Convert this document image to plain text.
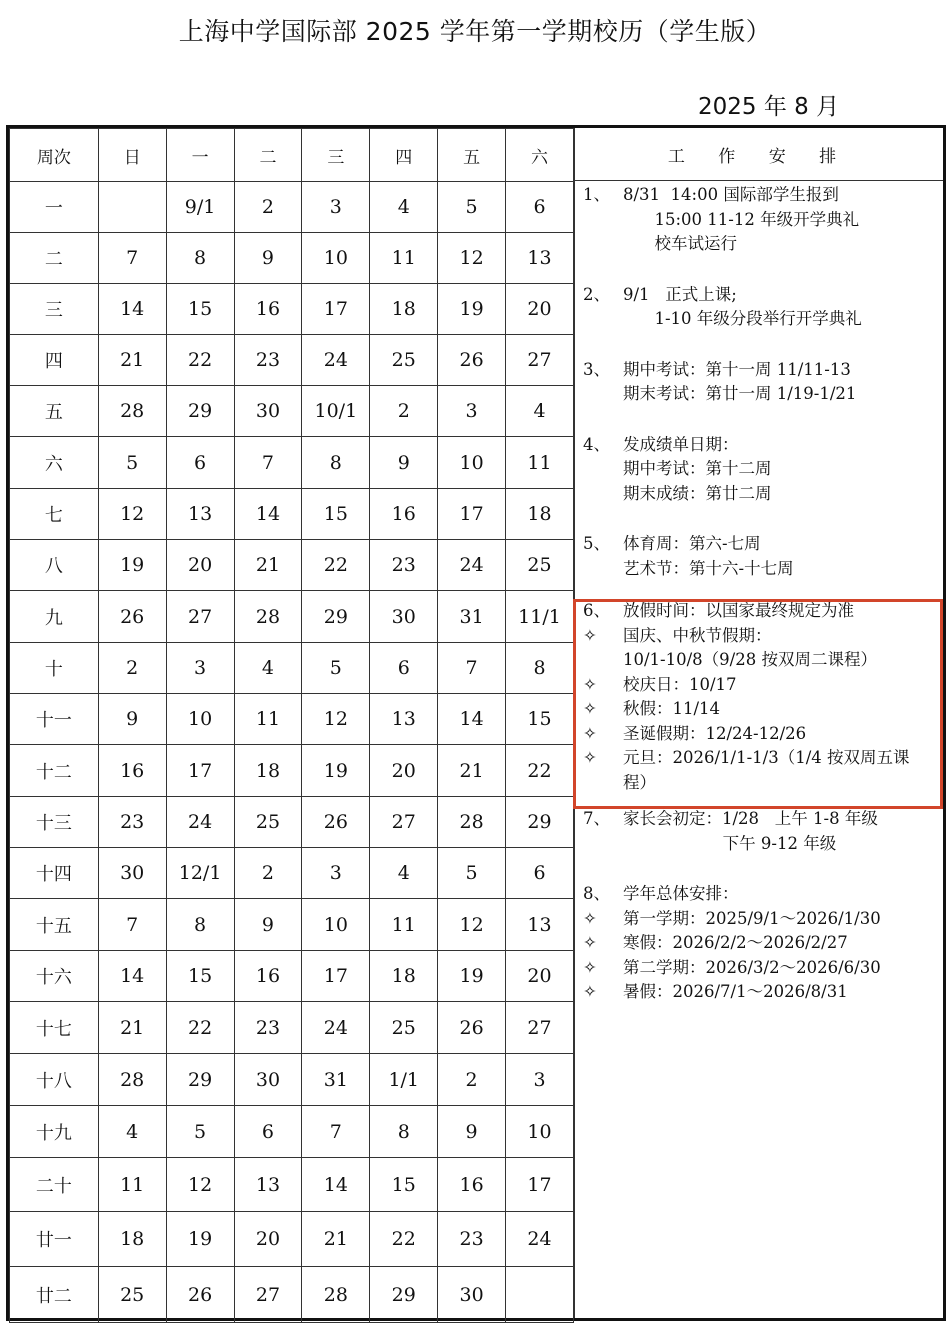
上海中学国际部 2025 学年第一学期校历（学生版）
2025 年 8 月
周次	日	一	二	三	四	五	六
一		9/1	2	3	4	5	6
二	7	8	9	10	11	12	13
三	14	15	16	17	18	19	20
四	21	22	23	24	25	26	27
五	28	29	30	10/1	2	3	4
六	5	6	7	8	9	10	11
七	12	13	14	15	16	17	18
八	19	20	21	22	23	24	25
九	26	27	28	29	30	31	11/1
十	2	3	4	5	6	7	8
十一	9	10	11	12	13	14	15
十二	16	17	18	19	20	21	22
十三	23	24	25	26	27	28	29
十四	30	12/1	2	3	4	5	6
十五	7	8	9	10	11	12	13
十六	14	15	16	17	18	19	20
十七	21	22	23	24	25	26	27
十八	28	29	30	31	1/1	2	3
十九	4	5	6	7	8	9	10
二十	11	12	13	14	15	16	17
廿一	18	19	20	21	22	23	24
廿二	25	26	27	28	29	30	
工 作 安 排
1、 8/31  14:00 国际部学生报到
15:00 11-12 年级开学典礼
校车试运行
2、 9/1   正式上课;
1-10 年级分段举行开学典礼
3、 期中考试：第十一周 11/11-13
期末考试：第廿一周 1/19-1/21
4、 发成绩单日期：
期中考试：第十二周
期末成绩：第廿二周
5、 体育周：第六-七周
艺术节：第十六-十七周
6、 放假时间：以国家最终规定为准
✧	国庆、中秋节假期：
10/1-10/8（9/28 按双周二课程）
✧	校庆日：10/17
✧	秋假：11/14
✧	圣诞假期：12/24-12/26
✧	元旦：2026/1/1-1/3（1/4 按双周五课
程）
7、 家长会初定：1/28   上午 1-8 年级
下午 9-12 年级
8、 学年总体安排：
✧	第一学期：2025/9/1～2026/1/30
✧	寒假：2026/2/2～2026/2/27
✧	第二学期：2026/3/2～2026/6/30
✧	暑假：2026/7/1～2026/8/31
